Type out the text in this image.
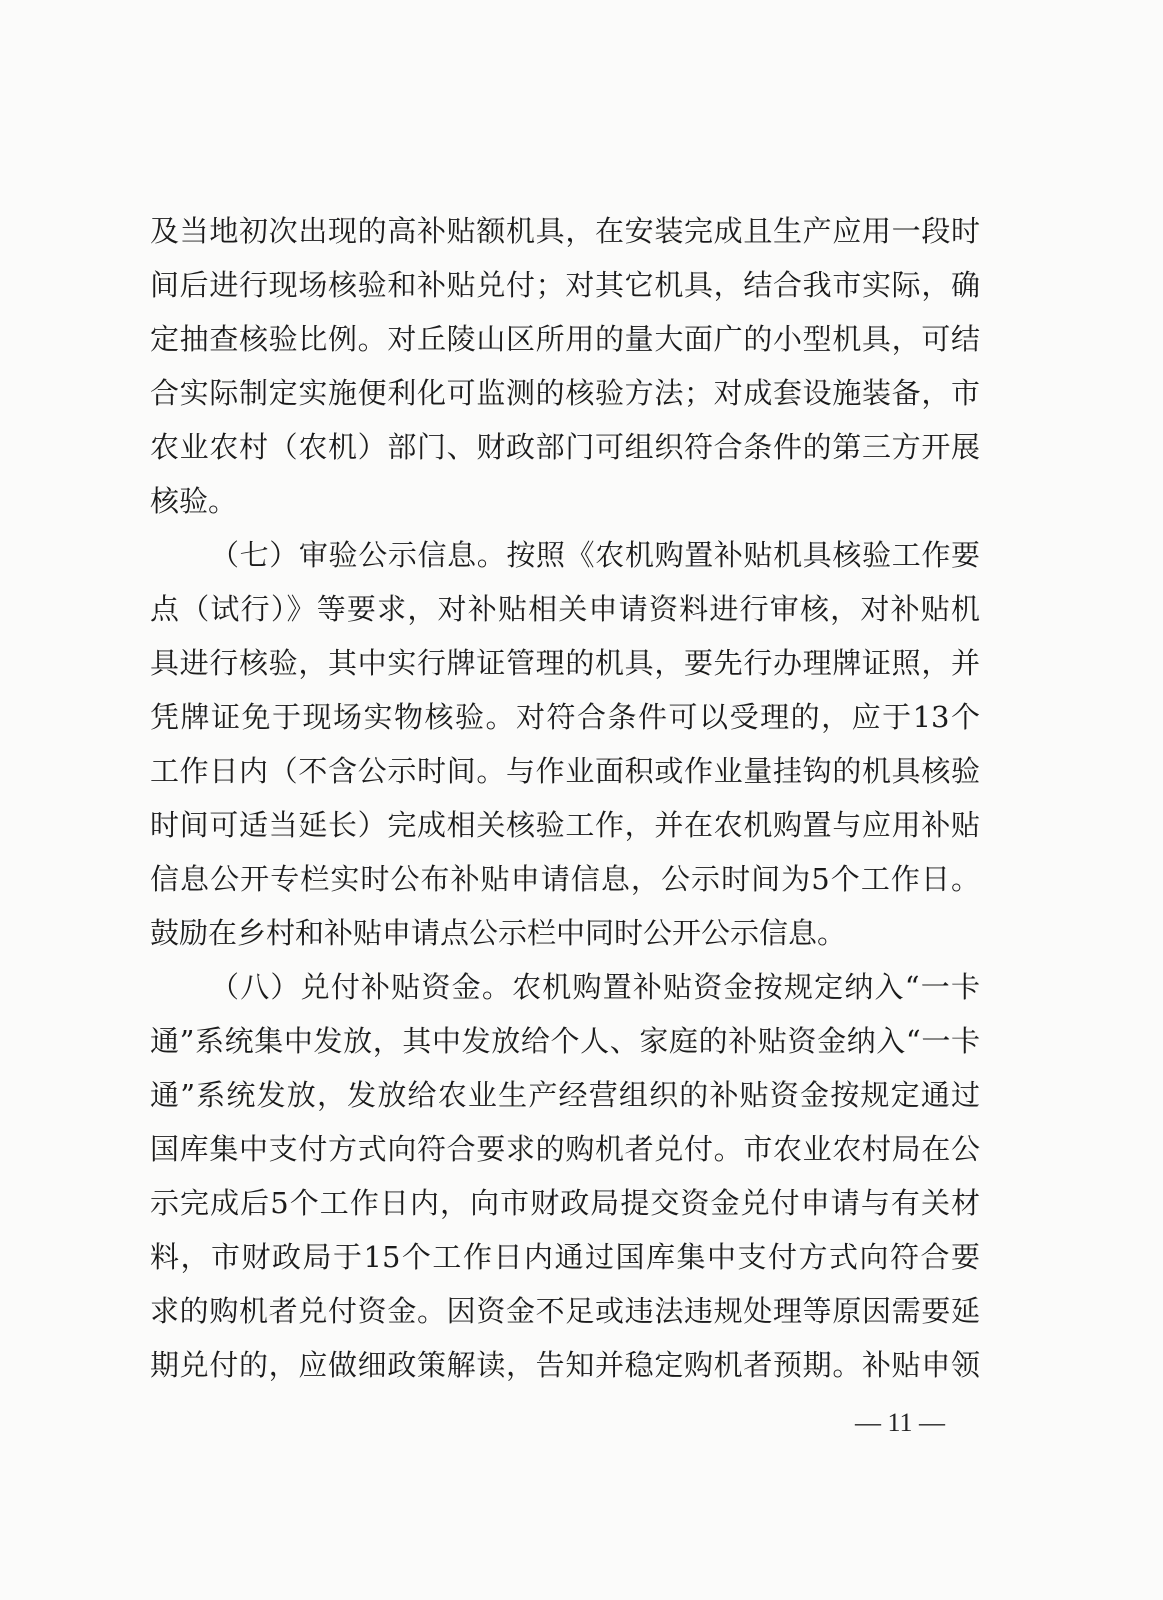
及当地初次出现的高补贴额机具，在安装完成且生产应用一段时
间后进行现场核验和补贴兑付；对其它机具，结合我市实际，确
定抽查核验比例。对丘陵山区所用的量大面广的小型机具，可结
合实际制定实施便利化可监测的核验方法；对成套设施装备，市
农业农村（农机）部门、财政部门可组织符合条件的第三方开展
核验。
（七）审验公示信息。按照《农机购置补贴机具核验工作要
点（试行）》等要求，对补贴相关申请资料进行审核，对补贴机
具进行核验，其中实行牌证管理的机具，要先行办理牌证照，并
凭牌证免于现场实物核验。对符合条件可以受理的，应于13个
工作日内（不含公示时间。与作业面积或作业量挂钩的机具核验
时间可适当延长）完成相关核验工作，并在农机购置与应用补贴
信息公开专栏实时公布补贴申请信息，公示时间为5个工作日。
鼓励在乡村和补贴申请点公示栏中同时公开公示信息。
（八）兑付补贴资金。农机购置补贴资金按规定纳入“一卡
通”系统集中发放，其中发放给个人、家庭的补贴资金纳入“一卡
通”系统发放，发放给农业生产经营组织的补贴资金按规定通过
国库集中支付方式向符合要求的购机者兑付。市农业农村局在公
示完成后5个工作日内，向市财政局提交资金兑付申请与有关材
料，市财政局于15个工作日内通过国库集中支付方式向符合要
求的购机者兑付资金。因资金不足或违法违规处理等原因需要延
期兑付的，应做细政策解读，告知并稳定购机者预期。补贴申领
— 11 —
